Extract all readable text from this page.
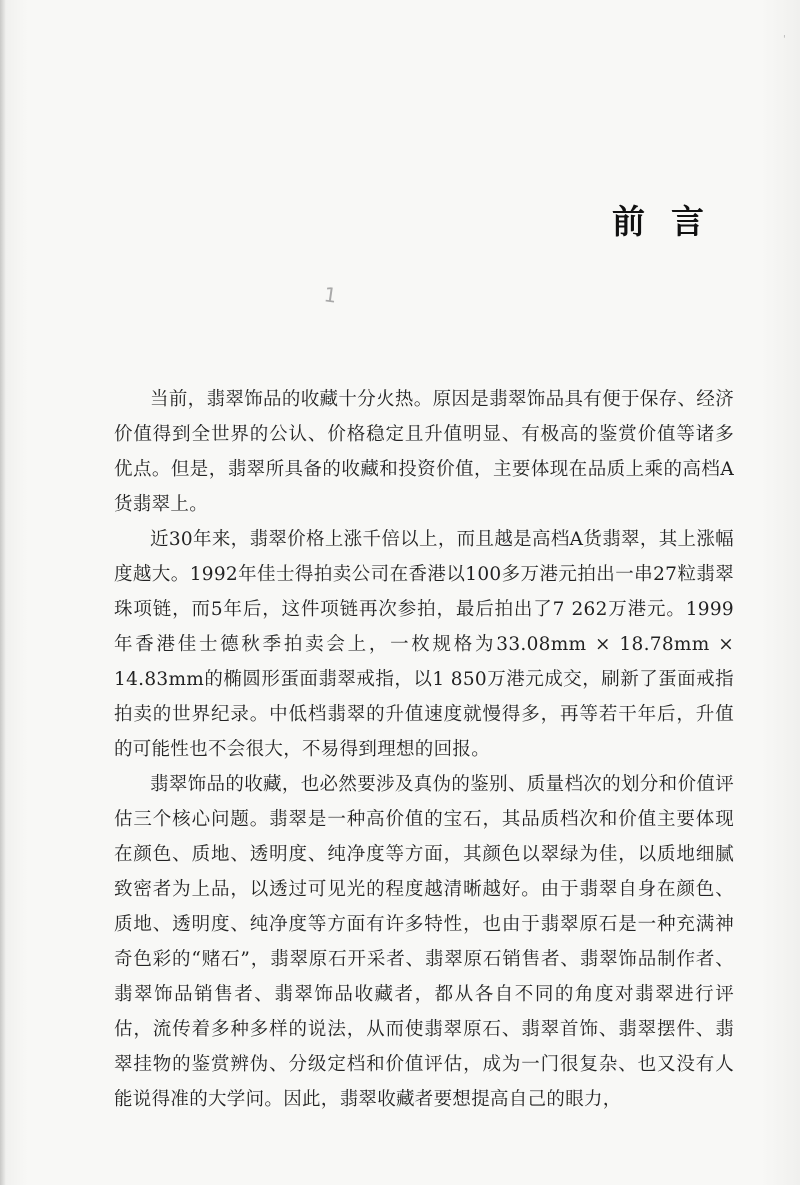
'
前言
1

当前，翡翠饰品的收藏十分火热。原因是翡翠饰品具有便于保存、经济价值得到全世界的公认、价格稳定且升值明显、有极高的鉴赏价值等诸多优点。但是，翡翠所具备的收藏和投资价值，主要体现在品质上乘的高档A货翡翠上。

近30年来，翡翠价格上涨千倍以上，而且越是高档A货翡翠，其上涨幅度越大。1992年佳士得拍卖公司在香港以100多万港元拍出一串27粒翡翠珠项链，而5年后，这件项链再次参拍，最后拍出了7 262万港元。1999年香港佳士德秋季拍卖会上，一枚规格为33.08mm × 18.78mm × 14.83mm的椭圆形蛋面翡翠戒指，以1 850万港元成交，刷新了蛋面戒指拍卖的世界纪录。中低档翡翠的升值速度就慢得多，再等若干年后，升值的可能性也不会很大，不易得到理想的回报。

翡翠饰品的收藏，也必然要涉及真伪的鉴别、质量档次的划分和价值评估三个核心问题。翡翠是一种高价值的宝石，其品质档次和价值主要体现在颜色、质地、透明度、纯净度等方面，其颜色以翠绿为佳，以质地细腻致密者为上品，以透过可见光的程度越清晰越好。由于翡翠自身在颜色、质地、透明度、纯净度等方面有许多特性，也由于翡翠原石是一种充满神奇色彩的“赌石”，翡翠原石开采者、翡翠原石销售者、翡翠饰品制作者、翡翠饰品销售者、翡翠饰品收藏者，都从各自不同的角度对翡翠进行评估，流传着多种多样的说法，从而使翡翠原石、翡翠首饰、翡翠摆件、翡翠挂物的鉴赏辨伪、分级定档和价值评估，成为一门很复杂、也又没有人能说得准的大学问。因此，翡翠收藏者要想提高自己的眼力，
